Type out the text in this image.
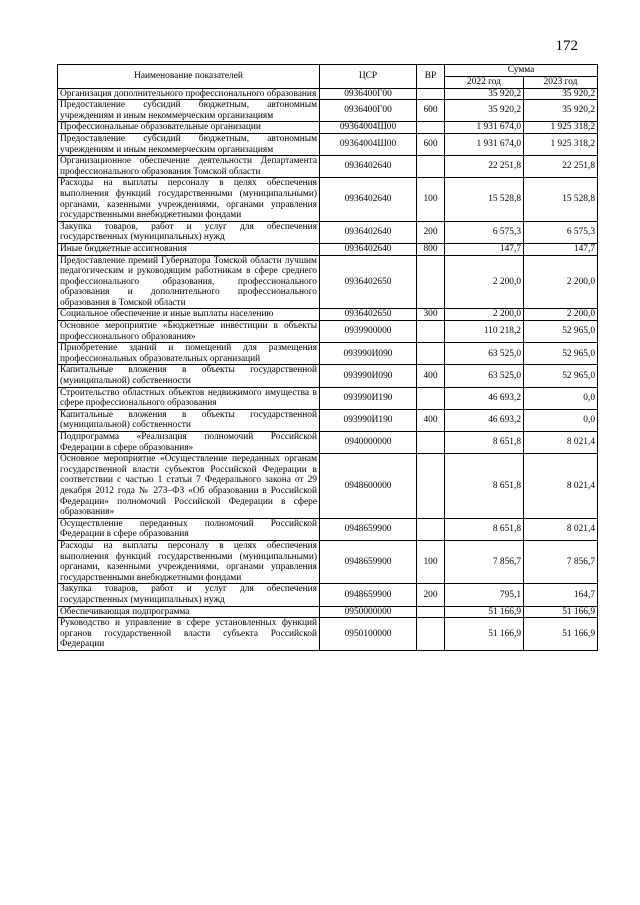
172
Наименование показателей	ЦСР	ВР	Сумма	
			2022 год	2023 год
Организация дополнительного профессионального образования	0936400Г00		35 920,2	35 920,2
Предоставление субсидий бюджетным, автономным учреждениям и иным некоммерческим организациям	0936400Г00	600	35 920,2	35 920,2
Профессиональные образовательные организации	09364004Ш00		1 931 674,0	1 925 318,2
Предоставление субсидий бюджетным, автономным учреждениям и иным некоммерческим организациям	09364004Ш00	600	1 931 674,0	1 925 318,2
Организационное обеспечение деятельности Департамента профессионального образования Томской области	0936402640		22 251,8	22 251,8
Расходы на выплаты персоналу в целях обеспечения выполнения функций государственными (муниципальными) органами, казенными учреждениями, органами управления государственными внебюджетными фондами	0936402640	100	15 528,8	15 528,8
Закупка товаров, работ и услуг для обеспечения государственных (муниципальных) нужд	0936402640	200	6 575,3	6 575,3
Иные бюджетные ассигнования	0936402640	800	147,7	147,7
Предоставление премий Губернатора Томской области лучшим педагогическим и руководящим работникам в сфере среднего профессионального образования, профессионального образования и дополнительного профессионального образования в Томской области	0936402650		2 200,0	2 200,0
Социальное обеспечение и иные выплаты населению	0936402650	300	2 200,0	2 200,0
Основное мероприятие «Бюджетные инвестиции в объекты профессионального образования»	0939900000		110 218,2	52 965,0
Приобретение зданий и помещений для размещения профессиональных образовательных организаций	093990И090		63 525,0	52 965,0
Капитальные вложения в объекты государственной (муниципальной) собственности	093990И090	400	63 525,0	52 965,0
Строительство областных объектов недвижимого имущества в сфере профессионального образования	093990И190		46 693,2	0,0
Капитальные вложения в объекты государственной (муниципальной) собственности	093990И190	400	46 693,2	0,0
Подпрограмма «Реализация полномочий Российской Федерации в сфере образования»	0940000000		8 651,8	8 021,4
Основное мероприятие «Осуществление переданных органам государственной власти субъектов Российской Федерации в соответствии с частью 1 статьи 7 Федерального закона от 29 декабря 2012 года № 273–ФЗ «Об образовании в Российской Федерации» полномочий Российской Федерации в сфере образования»	0948600000		8 651,8	8 021,4
Осуществление переданных полномочий Российской Федерации в сфере образования	0948659900		8 651,8	8 021,4
Расходы на выплаты персоналу в целях обеспечения выполнения функций государственными (муниципальными) органами, казенными учреждениями, органами управления государственными внебюджетными фондами	0948659900	100	7 856,7	7 856,7
Закупка товаров, работ и услуг для обеспечения государственных (муниципальных) нужд	0948659900	200	795,1	164,7
Обеспечивающая подпрограмма	0950000000		51 166,9	51 166,9
Руководство и управление в сфере установленных функций органов государственной власти субъекта Российской Федерации	0950100000		51 166,9	51 166,9
